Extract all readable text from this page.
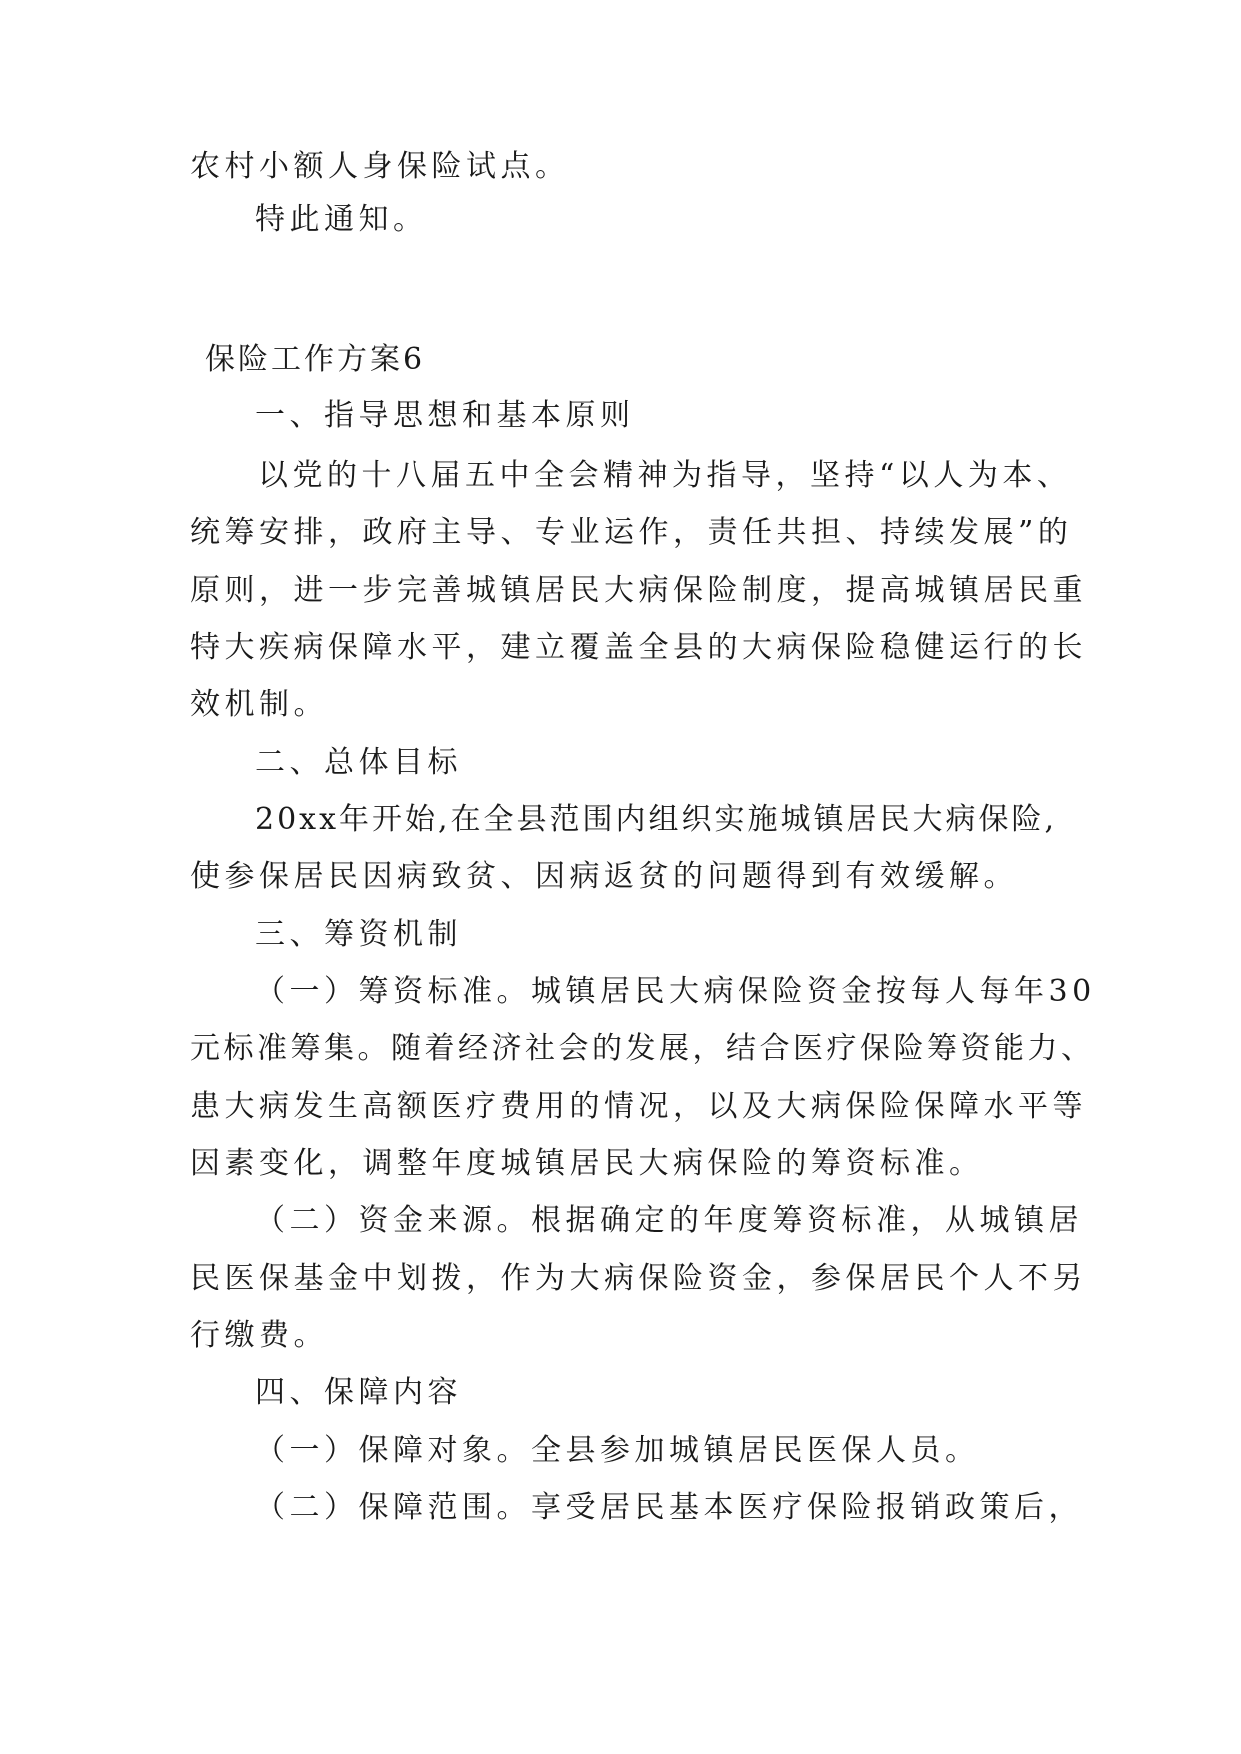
农村小额人身保险试点。
特此通知。
保险工作方案6
一、指导思想和基本原则
以党的十八届五中全会精神为指导，坚持“以人为本、
统筹安排，政府主导、专业运作，责任共担、持续发展”的
原则，进一步完善城镇居民大病保险制度，提高城镇居民重
特大疾病保障水平，建立覆盖全县的大病保险稳健运行的长
效机制。
二、总体目标
20xx年开始,在全县范围内组织实施城镇居民大病保险,
使参保居民因病致贫、因病返贫的问题得到有效缓解。
三、筹资机制
（一）筹资标准。城镇居民大病保险资金按每人每年30
元标准筹集。随着经济社会的发展，结合医疗保险筹资能力、
患大病发生高额医疗费用的情况，以及大病保险保障水平等
因素变化，调整年度城镇居民大病保险的筹资标准。
（二）资金来源。根据确定的年度筹资标准，从城镇居
民医保基金中划拨，作为大病保险资金，参保居民个人不另
行缴费。
四、保障内容
（一）保障对象。全县参加城镇居民医保人员。
（二）保障范围。享受居民基本医疗保险报销政策后，
